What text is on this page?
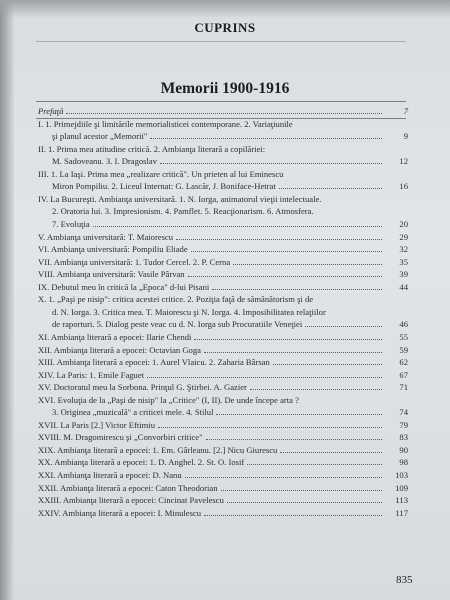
CUPRINS
Memorii 1900-1916
Prefaţă	7
I. 1. Primejdiile şi limitările memorialisticei contemporane. 2. Variaţiunile
şi planul acestor „Memorii"	9
II. 1. Prima mea atitudine critică. 2. Ambianţa literară a copilăriei:
M. Sadoveanu. 3. I. Dragoslav	12
III. 1. La Iaşi. Prima mea „realizare critică". Un prieten al lui Eminescu
Miron Pompiliu. 2. Liceul Internat: G. Lascăr, J. Boniface-Hetrat	16
IV. La Bucureşti. Ambianţa universitară. 1. N. Iorga, animatorul vieţii intelectuale.
2. Oratoria lui. 3. Impresionism. 4. Pamflet. 5. Reacţionarism. 6. Atmosfera.
7. Evoluţia	20
V. Ambianţa universitară: T. Maiorescu	29
VI. Ambianţa universitară: Pompiliu Eliade	32
VII. Ambianţa universitară: 1. Tudor Cercel. 2. P. Cerna	35
VIII. Ambianţa universitară: Vasile Pârvan	39
IX. Debutul meu în critică la „Epoca" d-lui Pisani	44
X. 1. „Paşi pe nisip": critica acestei critice. 2. Poziţia faţă de sămănătorism şi de
d. N. Iorga. 3. Critica mea. T. Maiorescu şi N. Iorga. 4. Imposibilitatea relaţiilor
de raporturi. 5. Dialog peste veac cu d. N. Iorga sub Procuratiile Veneţiei	46
XI. Ambianţa literară a epocei: Ilarie Chendi	55
XII. Ambianţa literară a epocei: Octavian Goga	59
XIII. Ambianţa literară a epocei: 1. Aurel Vlaicu. 2. Zaharia Bârsan	62
XIV. La Paris: 1. Emile Faguet	67
XV. Doctoratul meu la Sorbona. Prinţul G. Ştirbei. A. Gazier	71
XVI. Evoluţia de la „Paşi de nisip" la „Critice" (I, II). De unde începe arta ?
3. Originea „muzicală" a criticei mele. 4. Stilul	74
XVII. La Paris [2.] Victor Eftimiu	79
XVIII. M. Dragomirescu şi „Convorbiri critice"	83
XIX. Ambianţa literară a epocei: 1. Em. Gârleanu. [2.] Nicu Giurescu	90
XX. Ambianţa literară a epocei: 1. D. Anghel. 2. St. O. Iosif	98
XXI. Ambianţa literară a epocei: D. Nanu	103
XXII. Ambianţa literară a epocei: Caton Theodorian	109
XXIII. Ambianţa literară a epocei: Cincinat Pavelescu	113
XXIV. Ambianţa literară a epocei: I. Minulescu	117
835
